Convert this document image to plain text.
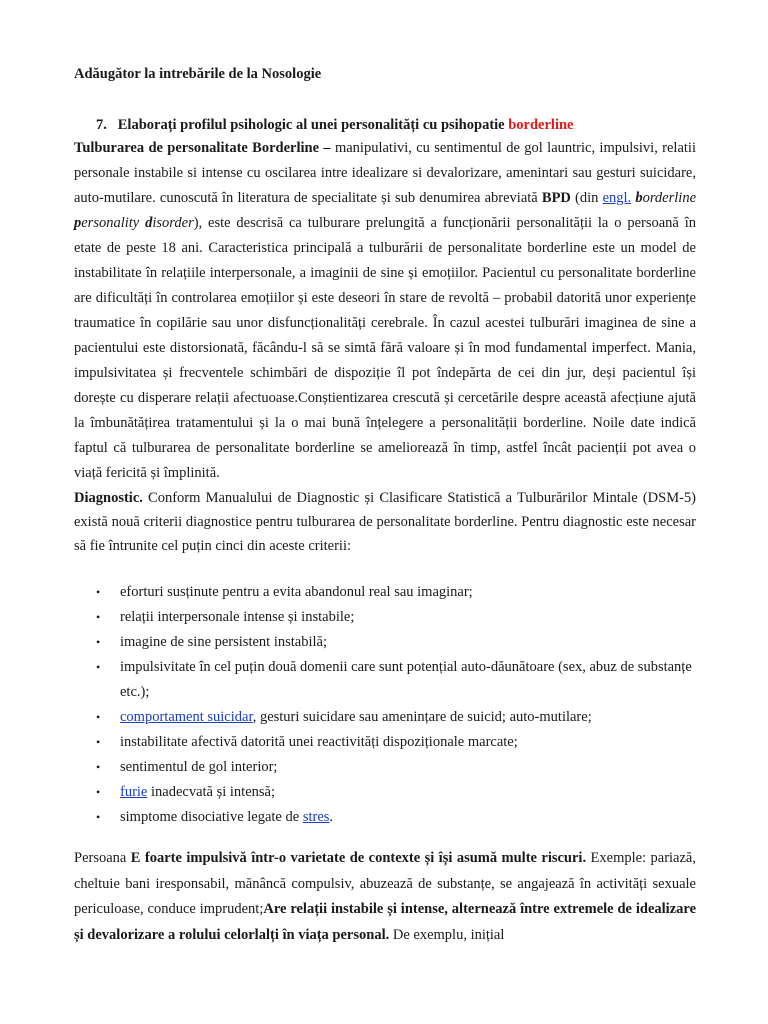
Adăugător la intrebările de la Nosologie

7. Elaborați profilul psihologic al unei personalități cu psihopatie borderline

Tulburarea de personalitate Borderline – manipulativi, cu sentimentul de gol launtric, impulsivi, relatii personale instabile si intense cu oscilarea intre idealizare si devalorizare, amenintari sau gesturi suicidare, auto-mutilare. cunoscută în literatura de specialitate și sub denumirea abreviată BPD (din engl. borderline personality disorder), este descrisă ca tulburare prelungită a funcționării personalității la o persoană în etate de peste 18 ani. Caracteristica principală a tulburării de personalitate borderline este un model de instabilitate în relațiile interpersonale, a imaginii de sine și emoțiilor. Pacientul cu personalitate borderline are dificultăți în controlarea emoțiilor și este deseori în stare de revoltă – probabil datorită unor experiențe traumatice în copilărie sau unor disfuncționalități cerebrale. În cazul acestei tulburări imaginea de sine a pacientului este distorsionată, făcându-l să se simtă fără valoare și în mod fundamental imperfect. Mania, impulsivitatea și frecventele schimbări de dispoziție îl pot îndepărta de cei din jur, deși pacientul își dorește cu disperare relații afectuoase.Conștientizarea crescută și cercetările despre această afecțiune ajută la îmbunătățirea tratamentului și la o mai bună înțelegere a personalității borderline. Noile date indică faptul că tulburarea de personalitate borderline se ameliorează în timp, astfel încât pacienții pot avea o viață fericită și împlinită.

Diagnostic. Conform Manualului de Diagnostic și Clasificare Statistică a Tulburărilor Mintale (DSM-5) există nouă criterii diagnostice pentru tulburarea de personalitate borderline. Pentru diagnostic este necesar să fie întrunite cel puțin cinci din aceste criterii:

• eforturi susținute pentru a evita abandonul real sau imaginar;
• relații interpersonale intense și instabile;
• imagine de sine persistent instabilă;
• impulsivitate în cel puțin două domenii care sunt potențial auto-dăunătoare (sex, abuz de substanțe etc.);
• comportament suicidar, gesturi suicidare sau amenințare de suicid; auto-mutilare;
• instabilitate afectivă datorită unei reactivități dispoziționale marcate;
• sentimentul de gol interior;
• furie inadecvată și intensă;
• simptome disociative legate de stres.

Persoana E foarte impulsivă într-o varietate de contexte și își asumă multe riscuri. Exemple: pariază, cheltuie bani iresponsabil, mănâncă compulsiv, abuzează de substanțe, se angajează în activități sexuale periculoase, conduce imprudent;Are relații instabile și intense, alternează între extremele de idealizare și devalorizare a rolului celorlalți în viața personal. De exemplu, inițial
